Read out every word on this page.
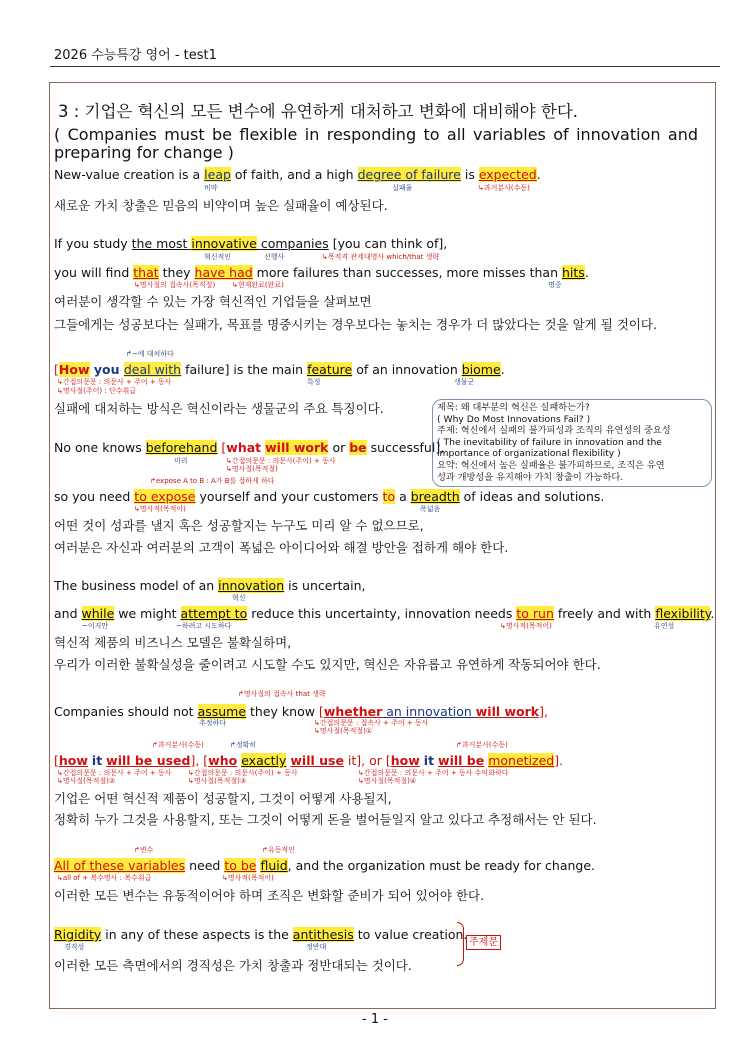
2026 수능특강 영어 - test1
3 : 기업은 혁신의 모든 변수에 유연하게 대처하고 변화에 대비해야 한다.
( Companies must be flexible in responding to all variables of innovation and preparing for change )
New-value creation is a leap of faith, and a high degree of failure is expected.
비약	실패율	↳과거분사(수동)
새로운 가치 창출은 믿음의 비약이며 높은 실패율이 예상된다.
If you study the most innovative companies [you can think of],
혁신적인	선행사	↳목적격 관계대명사 which/that 생략
you will find that they have had more failures than successes, more misses than hits.
↳명사절의 접속사(목적절) ↳현재완료(완료)	명중
여러분이 생각할 수 있는 가장 혁신적인 기업들을 살펴보면
그들에게는 성공보다는 실패가, 목표를 명중시키는 경우보다는 놓치는 경우가 더 많았다는 것을 알게 될 것이다.
↱~에 대처하다
[How you deal with failure] is the main feature of an innovation biome.
↳간접의문문 : 의문사 + 주어 + 동사
↳명사절(주어) : 단수취급
특징	생물군
실패에 대처하는 방식은 혁신이라는 생물군의 주요 특징이다.	제목: 왜 대부분의 혁신은 실패하는가?
( Why Do Most Innovations Fail? )
주제: 혁신에서 실패의 불가피성과 조직의 유연성의 중요성
( The inevitability of failure in innovation and the
importance of organizational flexibility )
요약: 혁신에서 높은 실패율은 불가피하므로, 조직은 유연
성과 개방성을 유지해야 가치 창출이 가능하다.
No one knows beforehand [what will work or be successful],
미리	↳간접의문문 : 의문사(주어) + 동사
↳명사절(목적절)
↱expose A to B : A가 B를 접하게 하다
so you need to expose yourself and your customers to a breadth of ideas and solutions.
↳명사적(목적어)	폭넓음
어떤 것이 성과를 낼지 혹은 성공할지는 누구도 미리 알 수 없으므로,
여러분은 자신과 여러분의 고객이 폭넓은 아이디어와 해결 방안을 접하게 해야 한다.
The business model of an innovation is uncertain,
혁신
and while we might attempt to reduce this uncertainty, innovation needs to run freely and with flexibility.
~이지만	~하려고 시도하다	↳명사적(목적어)	유연성
혁신적 제품의 비즈니스 모델은 불확실하며,
우리가 이러한 불확실성을 줄이려고 시도할 수도 있지만, 혁신은 자유롭고 유연하게 작동되어야 한다.
↱명사절의 접속사 that 생략
Companies should not assume they know [whether an innovation will work],
추정하다	↳간접의문문 : 접속사 + 주어 + 동사
↳명사절(목적절)①
↱과거분사(수동)	↱정확히	↱과거분사(수동)
[how it will be used], [who exactly will use it], or [how it will be monetized].
↳간접의문문 : 의문사 + 주어 + 동사
↳명사절(목적절)②
↳간접의문문 : 의문사(주어) + 동사
↳명사절(목적절)③
↳간접의문문 : 의문사 + 주어 + 동사 수익화하다
↳명사절(목적절)④
기업은 어떤 혁신적 제품이 성공할지, 그것이 어떻게 사용될지,
정확히 누가 그것을 사용할지, 또는 그것이 어떻게 돈을 벌어들일지 알고 있다고 추정해서는 안 된다.
↱변수	↱유동적인
All of these variables need to be fluid, and the organization must be ready for change.
↳all of + 복수명사 : 복수취급	↳명사적(목적어)
이러한 모든 변수는 유동적이어야 하며 조직은 변화할 준비가 되어 있어야 한다.
Rigidity in any of these aspects is the antithesis to value creation.
경직성	정반대
이러한 모든 측면에서의 경직성은 가치 창출과 정반대되는 것이다.
주제문
- 1 -
